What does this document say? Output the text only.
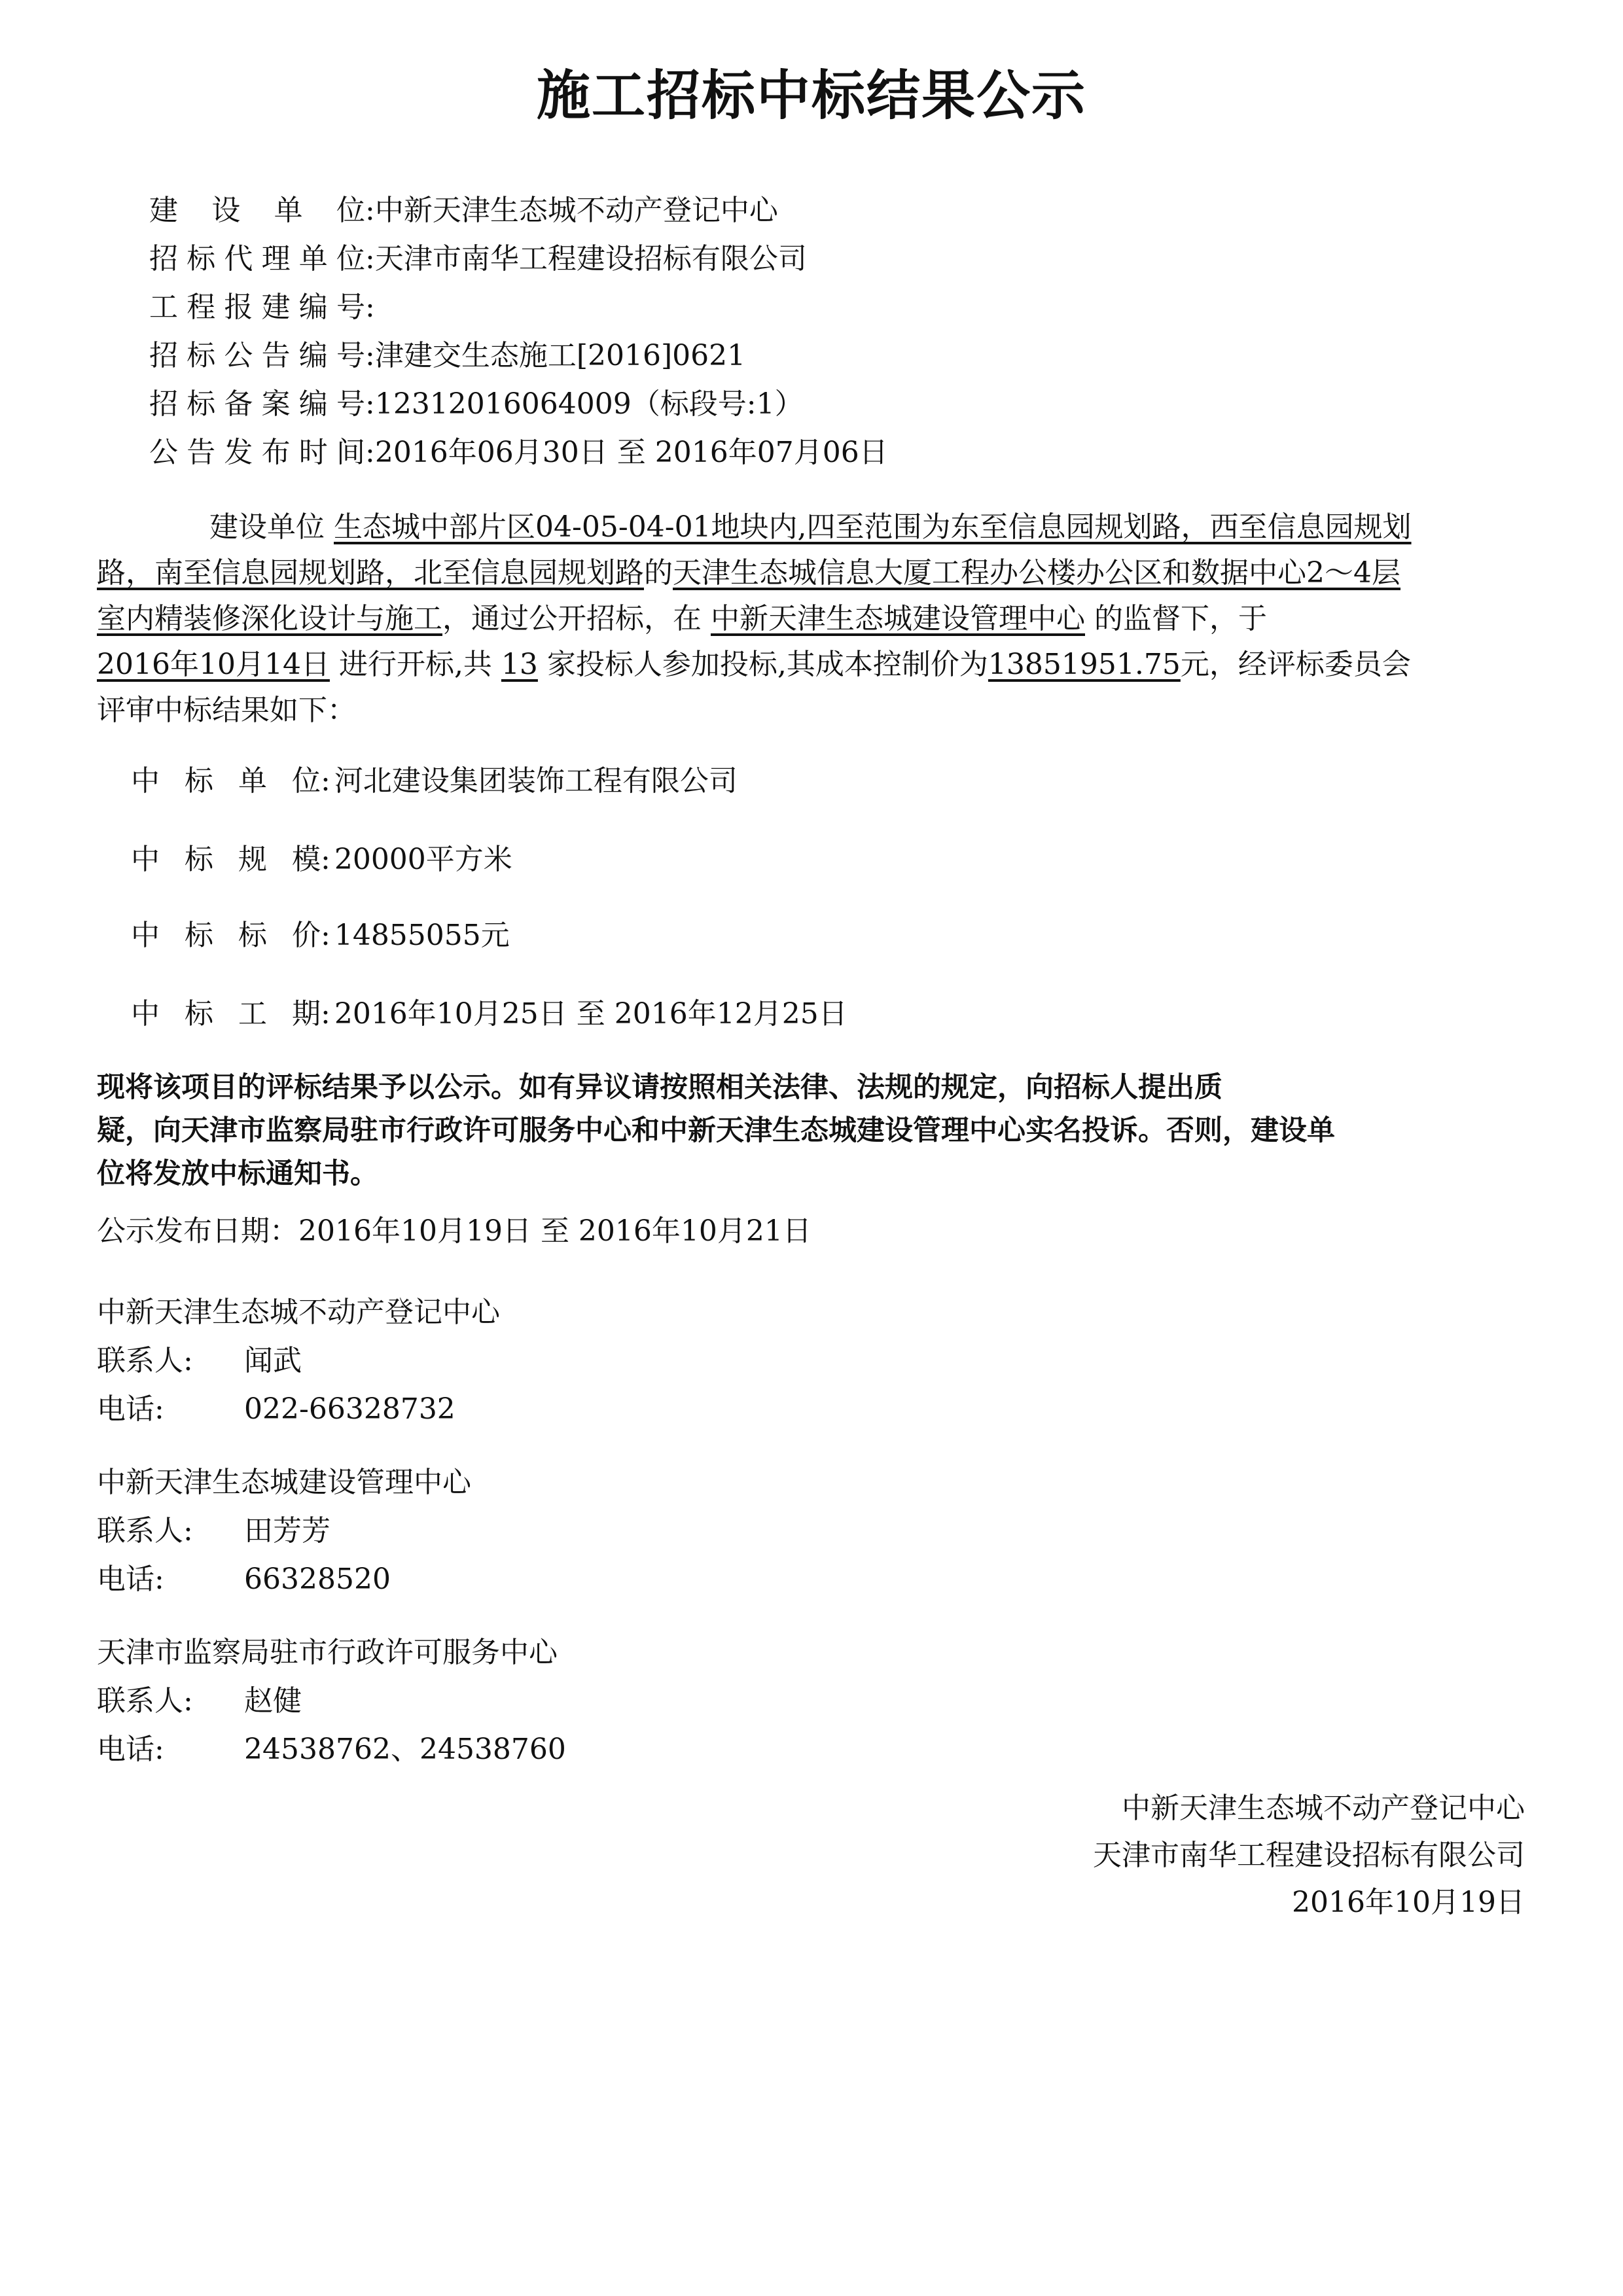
施工招标中标结果公示
建设单位:中新天津生态城不动产登记中心
招标代理单位:天津市南华工程建设招标有限公司
工程报建编号:
招标公告编号:津建交生态施工[2016]0621
招标备案编号:12312016064009（标段号:1）
公告发布时间:2016年06月30日 至 2016年07月06日
建设单位 生态城中部片区04-05-04-01地块内,四至范围为东至信息园规划路，西至信息园规划
路，南至信息园规划路，北至信息园规划路的天津生态城信息大厦工程办公楼办公区和数据中心2～4层
室内精装修深化设计与施工，通过公开招标，在 中新天津生态城建设管理中心 的监督下，于
2016年10月14日 进行开标,共 13 家投标人参加投标,其成本控制价为13851951.75元，经评标委员会
评审中标结果如下：
中标单位: 河北建设集团装饰工程有限公司
中标规模: 20000平方米
中标标价:14855055元
中标工期:2016年10月25日 至 2016年12月25日
现将该项目的评标结果予以公示。如有异议请按照相关法律、法规的规定，向招标人提出质
疑，向天津市监察局驻市行政许可服务中心和中新天津生态城建设管理中心实名投诉。否则，建设单
位将发放中标通知书。
公示发布日期：2016年10月19日 至 2016年10月21日
中新天津生态城不动产登记中心
联系人: 闻武
电话:	022-66328732
中新天津生态城建设管理中心
联系人: 田芳芳
电话:	66328520
天津市监察局驻市行政许可服务中心
联系人: 赵健
电话:	24538762、24538760
中新天津生态城不动产登记中心
天津市南华工程建设招标有限公司
2016年10月19日
